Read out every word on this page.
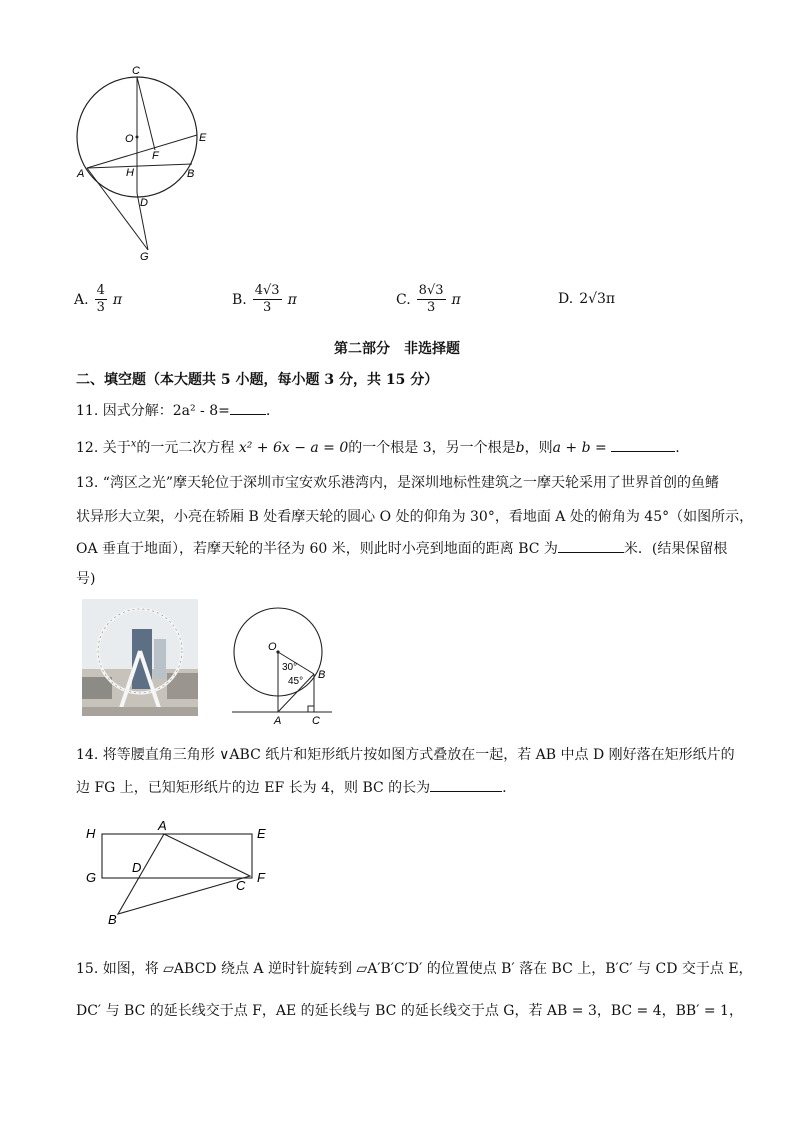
C
O	E
F
A	H	B
D
G
A. $\frac{4}{3}$ π	B. $\frac{4√3}{3}$ π	C. $\frac{8√3}{3}$ π	D. 2√3π
第二部分　非选择题
二、填空题（本大题共 5 小题，每小题 3 分，共 15 分）
11. 因式分解：2a² - 8=	.
12. 关于$^x$的一元二次方程 x² + 6x − a = 0的一个根是 3，另一个根是b，则a + b =	.
13. “湾区之光”摩天轮位于深圳市宝安欢乐港湾内，是深圳地标性建筑之一摩天轮采用了世界首创的鱼鳍
状异形大立架，小亮在轿厢 B 处看摩天轮的圆心 O 处的仰角为 30°，看地面 A 处的俯角为 45°（如图所示，
OA 垂直于地面），若摩天轮的半径为 60 米，则此时小亮到地面的距离 BC 为	米．(结果保留根
号)
O
B
A	C
30°
45°
14. 将等腰直角三角形 ∨ABC 纸片和矩形纸片按如图方式叠放在一起，若 AB 中点 D 刚好落在矩形纸片的
边 FG 上，已知矩形纸片的边 EF 长为 4，则 BC 的长为	.
H
A
E
G
D
C
F
B
15. 如图，将 ▱ABCD 绕点 A 逆时针旋转到 ▱A′B′C′D′ 的位置使点 B′ 落在 BC 上，B′C′ 与 CD 交于点 E，
DC′ 与 BC 的延长线交于点 F，AE 的延长线与 BC 的延长线交于点 G，若 AB = 3，BC = 4，BB′ = 1，
